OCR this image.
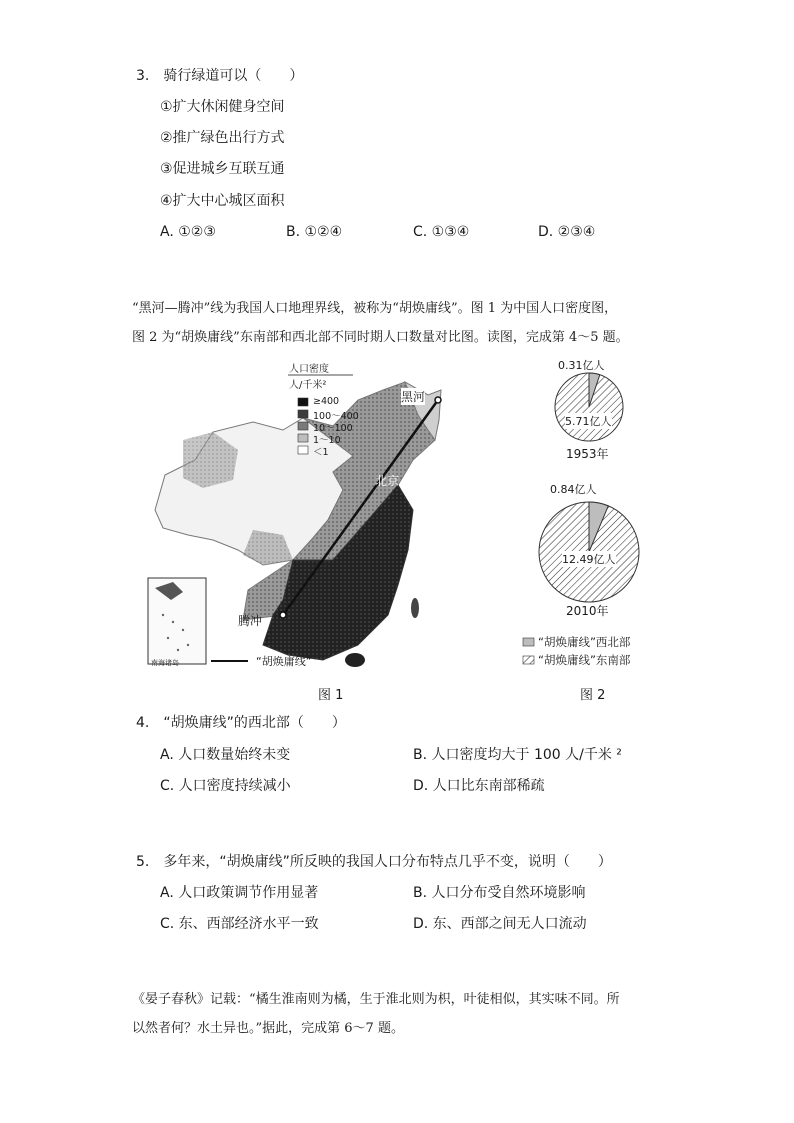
3.　骑行绿道可以（　　）
①扩大休闲健身空间
②推广绿色出行方式
③促进城乡互联互通
④扩大中心城区面积
A. ①②③	B. ①②④	C. ①③④	D. ②③④
“黑河—腾冲”线为我国人口地理界线，被称为“胡焕庸线”。图 1 为中国人口密度图，
图 2 为“胡焕庸线”东南部和西北部不同时期人口数量对比图。读图，完成第 4～5 题。
人口密度
人/千米²
≥400
100～400
10～100
1～10
＜1
黑河
北京
腾冲
“胡焕庸线”
南海诸岛
图 1
0.31亿人
5.71亿人
1953年
0.84亿人
12.49亿人
2010年
“胡焕庸线”西北部
“胡焕庸线”东南部
图 2
4.　“胡焕庸线”的西北部（　　）
A. 人口数量始终未变	B. 人口密度均大于 100 人/千米 ²
C. 人口密度持续减小	D. 人口比东南部稀疏
5.　多年来，“胡焕庸线”所反映的我国人口分布特点几乎不变，说明（　　）
A. 人口政策调节作用显著	B. 人口分布受自然环境影响
C. 东、西部经济水平一致	D. 东、西部之间无人口流动
《晏子春秋》记载：“橘生淮南则为橘，生于淮北则为枳，叶徒相似，其实味不同。所
以然者何？水土异也。”据此，完成第 6～7 题。
